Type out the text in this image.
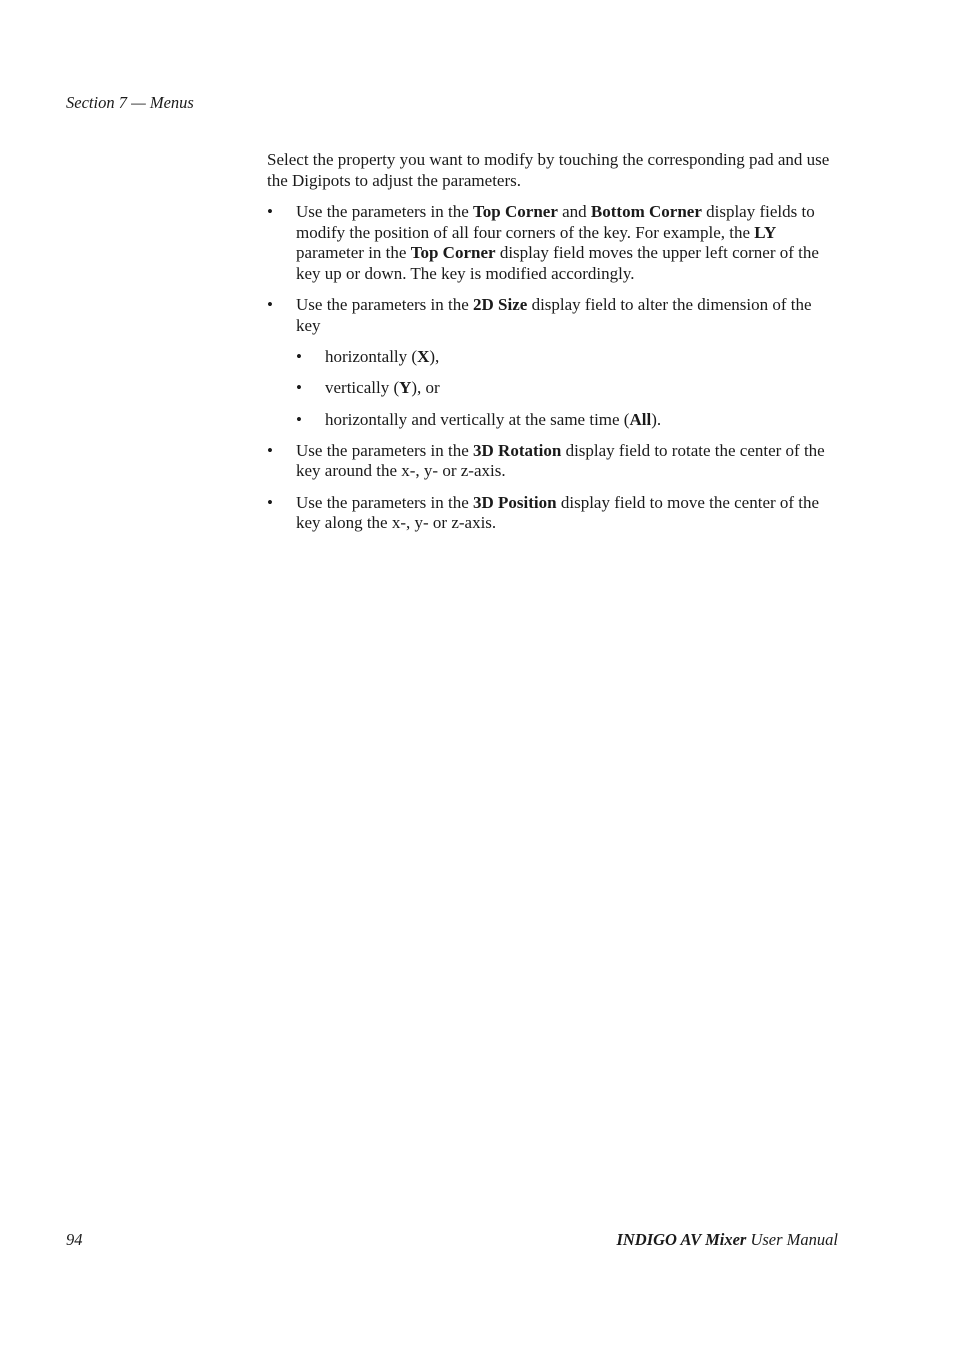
Section 7 — Menus

Select the property you want to modify by touching the corresponding pad and use the Digipots to adjust the parameters.

• Use the parameters in the Top Corner and Bottom Corner display fields to modify the position of all four corners of the key. For example, the LY parameter in the Top Corner display field moves the upper left corner of the key up or down. The key is modified accordingly.
• Use the parameters in the 2D Size display field to alter the dimension of the key
• horizontally (X),
• vertically (Y), or
• horizontally and vertically at the same time (All).
• Use the parameters in the 3D Rotation display field to rotate the center of the key around the x-, y- or z-axis.
• Use the parameters in the 3D Position display field to move the center of the key along the x-, y- or z-axis.
94	INDIGO AV Mixer User Manual
